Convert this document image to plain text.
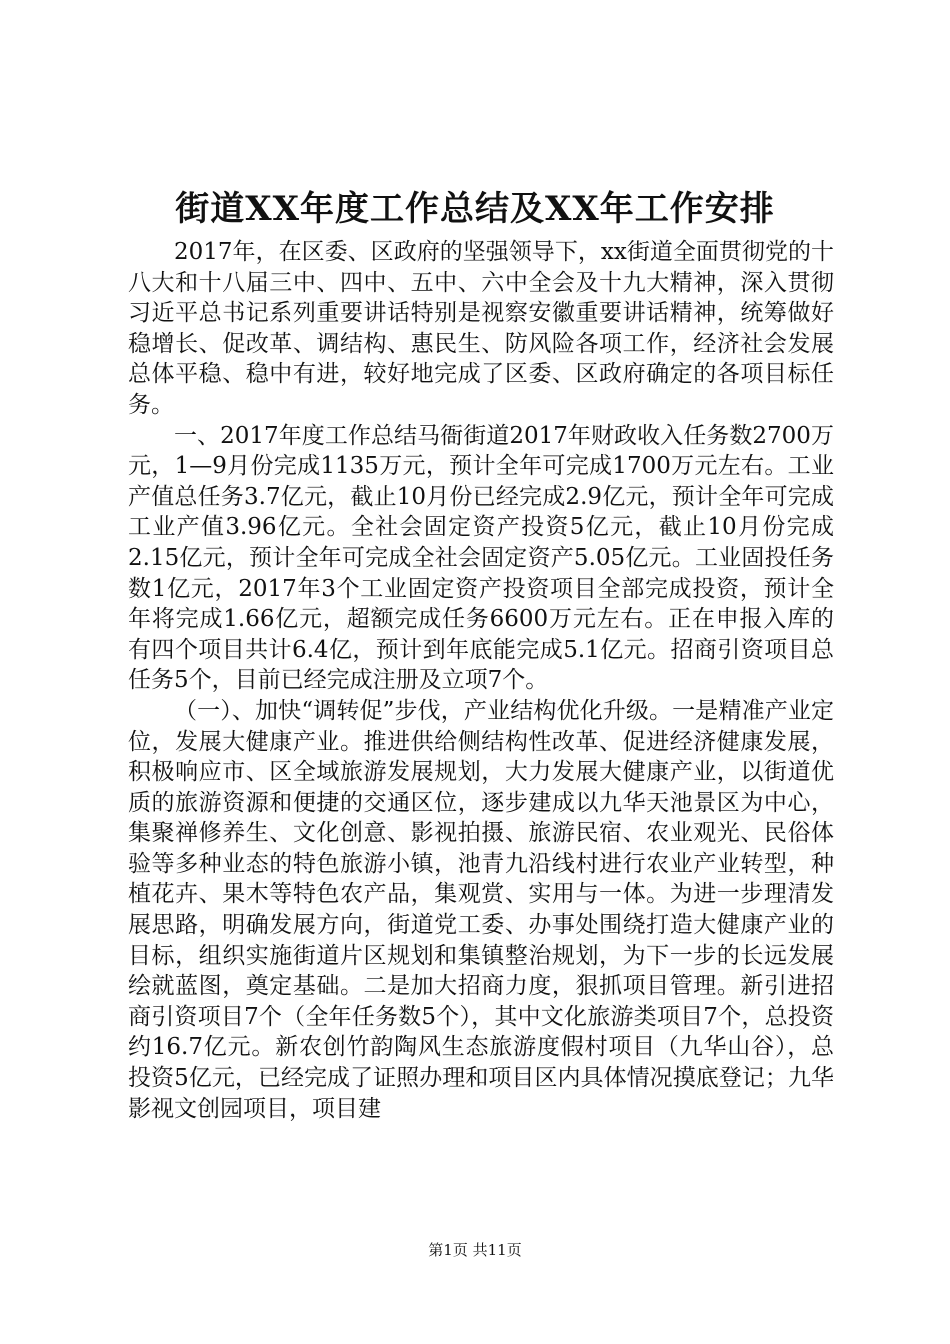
街道XX年度工作总结及XX年工作安排

2017年，在区委、区政府的坚强领导下，xx街道全面贯彻党的十八大和十八届三中、四中、五中、六中全会及十九大精神，深入贯彻习近平总书记系列重要讲话特别是视察安徽重要讲话精神，统筹做好稳增长、促改革、调结构、惠民生、防风险各项工作，经济社会发展总体平稳、稳中有进，较好地完成了区委、区政府确定的各项目标任务。

一、2017年度工作总结马衙街道2017年财政收入任务数2700万元，1—9月份完成1135万元，预计全年可完成1700万元左右。工业产值总任务3.7亿元，截止10月份已经完成2.9亿元，预计全年可完成工业产值3.96亿元。全社会固定资产投资5亿元，截止10月份完成2.15亿元，预计全年可完成全社会固定资产5.05亿元。工业固投任务数1亿元，2017年3个工业固定资产投资项目全部完成投资，预计全年将完成1.66亿元，超额完成任务6600万元左右。正在申报入库的有四个项目共计6.4亿，预计到年底能完成5.1亿元。招商引资项目总任务5个，目前已经完成注册及立项7个。

（一）、加快“调转促”步伐，产业结构优化升级。一是精准产业定位，发展大健康产业。推进供给侧结构性改革、促进经济健康发展，积极响应市、区全域旅游发展规划，大力发展大健康产业，以街道优质的旅游资源和便捷的交通区位，逐步建成以九华天池景区为中心，集聚禅修养生、文化创意、影视拍摄、旅游民宿、农业观光、民俗体验等多种业态的特色旅游小镇，池青九沿线村进行农业产业转型，种植花卉、果木等特色农产品，集观赏、实用与一体。为进一步理清发展思路，明确发展方向，街道党工委、办事处围绕打造大健康产业的目标，组织实施街道片区规划和集镇整治规划，为下一步的长远发展绘就蓝图，奠定基础。二是加大招商力度，狠抓项目管理。新引进招商引资项目7个（全年任务数5个），其中文化旅游类项目7个，总投资约16.7亿元。新农创竹韵陶风生态旅游度假村项目（九华山谷），总投资5亿元，已经完成了证照办理和项目区内具体情况摸底登记；九华影视文创园项目，项目建

第1页 共11页
